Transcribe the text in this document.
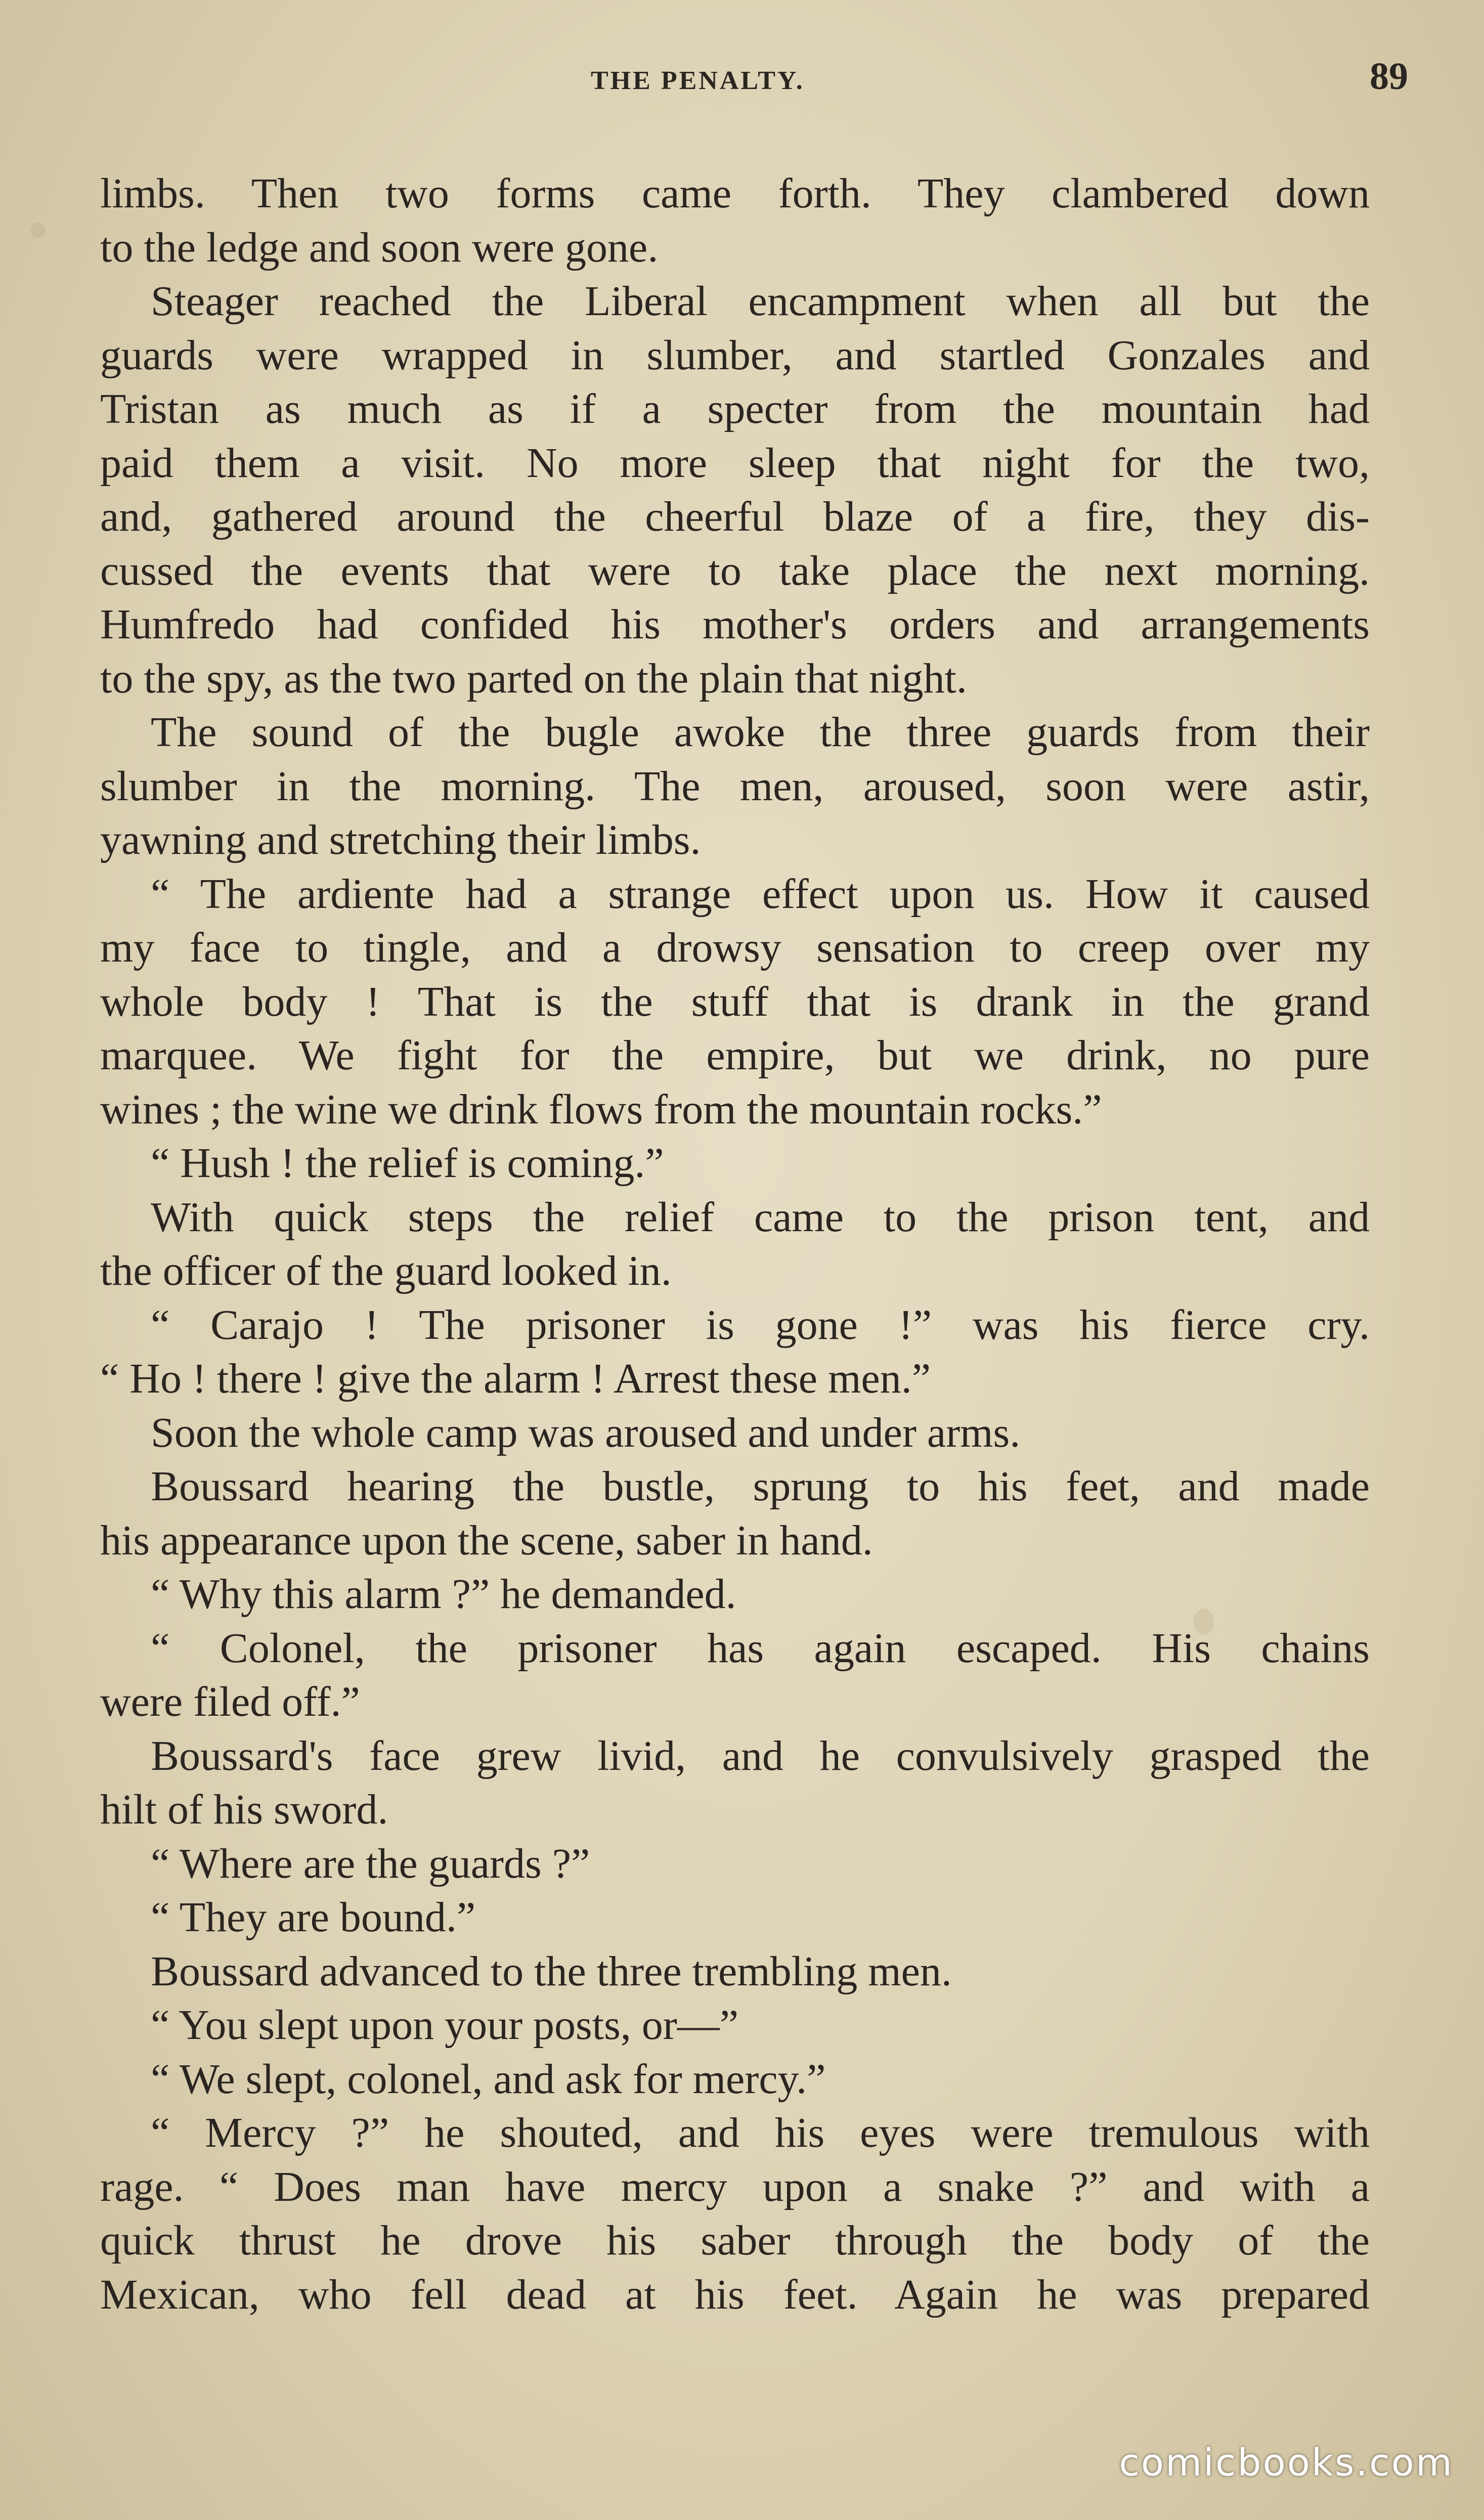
THE PENALTY.	89
limbs. Then two forms came forth. They clambered down
to the ledge and soon were gone.
Steager reached the Liberal encampment when all but the
guards were wrapped in slumber, and startled Gonzales and
Tristan as much as if a specter from the mountain had
paid them a visit. No more sleep that night for the two,
and, gathered around the cheerful blaze of a fire, they dis-
cussed the events that were to take place the next morning.
Humfredo had confided his mother's orders and arrangements
to the spy, as the two parted on the plain that night.
The sound of the bugle awoke the three guards from their
slumber in the morning. The men, aroused, soon were astir,
yawning and stretching their limbs.
“ The ardiente had a strange effect upon us. How it caused
my face to tingle, and a drowsy sensation to creep over my
whole body ! That is the stuff that is drank in the grand
marquee. We fight for the empire, but we drink, no pure
wines ; the wine we drink flows from the mountain rocks.”
“ Hush ! the relief is coming.”
With quick steps the relief came to the prison tent, and
the officer of the guard looked in.
“ Carajo ! The prisoner is gone !” was his fierce cry.
“ Ho ! there ! give the alarm ! Arrest these men.”
Soon the whole camp was aroused and under arms.
Boussard hearing the bustle, sprung to his feet, and made
his appearance upon the scene, saber in hand.
“ Why this alarm ?” he demanded.
“ Colonel, the prisoner has again escaped. His chains
were filed off.”
Boussard's face grew livid, and he convulsively grasped the
hilt of his sword.
“ Where are the guards ?”
“ They are bound.”
Boussard advanced to the three trembling men.
“ You slept upon your posts, or—”
“ We slept, colonel, and ask for mercy.”
“ Mercy ?” he shouted, and his eyes were tremulous with
rage. “ Does man have mercy upon a snake ?” and with a
quick thrust he drove his saber through the body of the
Mexican, who fell dead at his feet. Again he was prepared
comicbooks.com
